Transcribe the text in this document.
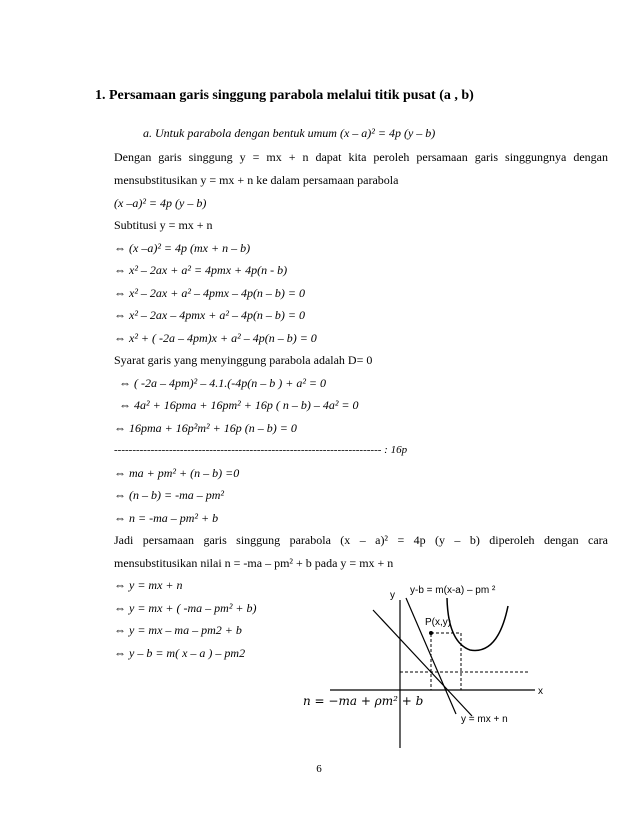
1. Persamaan garis singgung parabola melalui titik pusat (a , b)
a. Untuk parabola dengan bentuk umum (x – a)² = 4p (y – b)
Dengan garis singgung y = mx + n dapat kita peroleh persamaan garis singgungnya dengan
mensubstitusikan y = mx + n ke dalam persamaan parabola
(x –a)² = 4p (y – b)
Subtitusi y = mx + n
⇔ (x –a)² = 4p (mx + n – b)
⇔ x² – 2ax + a² = 4pmx + 4p(n - b)
⇔ x² – 2ax + a² – 4pmx – 4p(n – b) = 0
⇔ x² – 2ax – 4pmx + a² – 4p(n – b) = 0
⇔ x² + ( -2a – 4pm)x + a² – 4p(n – b) = 0
Syarat garis yang menyinggung parabola adalah D= 0
⇔ ( -2a – 4pm)² – 4.1.(-4p(n – b ) + a² = 0
⇔ 4a² + 16pma + 16pm² + 16p ( n – b) – 4a² = 0
⇔ 16pma + 16p²m² + 16p (n – b) = 0
------------------------------------------------------------------------- : 16p
⇔ ma + pm² + (n – b) =0
⇔ (n – b) = -ma – pm²
⇔ n = -ma – pm² + b
Jadi persamaan garis singgung parabola (x – a)² = 4p (y – b) diperoleh dengan cara
mensubstitusikan nilai n = -ma – pm² + b pada y = mx + n
⇔ y = mx + n
⇔ y = mx + ( -ma – pm² + b)
⇔ y = mx – ma – pm2 + b
⇔ y – b = m( x – a ) – pm2
y
x
y-b = m(x-a) – pm ²
P(x,y)
y = mx + n
n = −ma + ρm² + b
6
